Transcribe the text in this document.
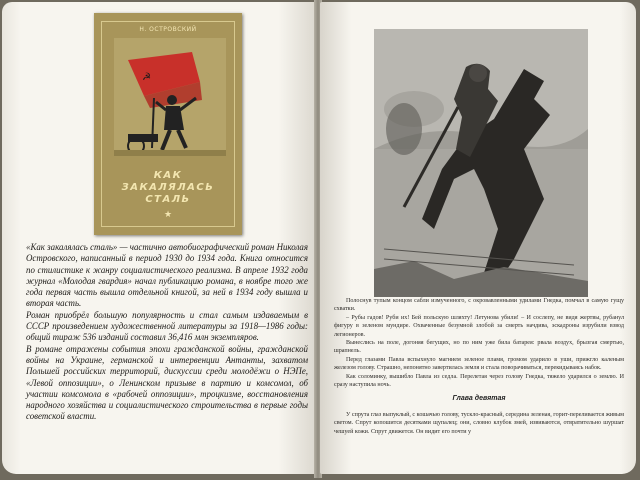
Н. ОСТРОВСКИЙ
☭
КАК
ЗАКАЛЯЛАСЬ
СТАЛЬ
★

«Как закалялась сталь» — частично автобиографический роман Николая Островского, написанный в период 1930 до 1934 года. Книга относится по стилистике к жанру социалистического реализма. В апреле 1932 года журнал «Молодая гвардия» начал публикацию романа, в ноябре того же года первая часть вышла отдельной книгой, за ней в 1934 году вышла и вторая часть.

Роман приобрёл большую популярность и стал самым издаваемым в СССР произведением художественной литературы за 1918—1986 годы: общий тираж 536 изданий составил 36,416 млн экземпляров.

В романе отражены события эпохи гражданской войны, гражданской войны на Украине, германской и интервенции Антанты, захватом Польшей российских территорий, дискуссии среди молодёжи о НЭПе, «Левой оппозиции», о Ленинском призыве в партию и комсомол, об участии комсомола в «рабочей оппозиции», троцкизме, восстановления народного хозяйства и социалистического строительства в первые годы советской власти.

Полоснув тупым концом сабли измученного, с окровавленными удилами Гнедка, помчал в самую гущу схватки.

– Рубы гадов! Руби их! Бей польскую шляхту! Летунова убили! – И сослепу, не видя жертвы, рубанул фигуру в зеленом мундире. Охваченные безумной злобой за смерть начдива, эскадроны изрубили взвод легионеров.

Вынеслись на поле, догоняя бегущих, но по ним уже била батарея: рвала воздух, брызгая смертью, шрапнель.

Перед глазами Павла вспыхнуло магнием зеленое пламя, громом ударило в уши, прижгло каленым железом голову. Страшно, непонятно завертилась земля и стала поворачиваться, перекидываясь набок.

Как соломинку, вышибло Павла из седла. Перелетая через голову Гнедка, тяжело ударился о землю. И сразу наступила ночь.

Глава девятая

У спрута глаз выпуклый, с кошачью голову, тускло-красный, середина зеленая, горит-переливается живым светом. Спрут копошится десятками щупалец; они, словно клубок змей, извиваются, отвратительно шуршат чешуей кожи. Спрут движется. Он видит его почти у
